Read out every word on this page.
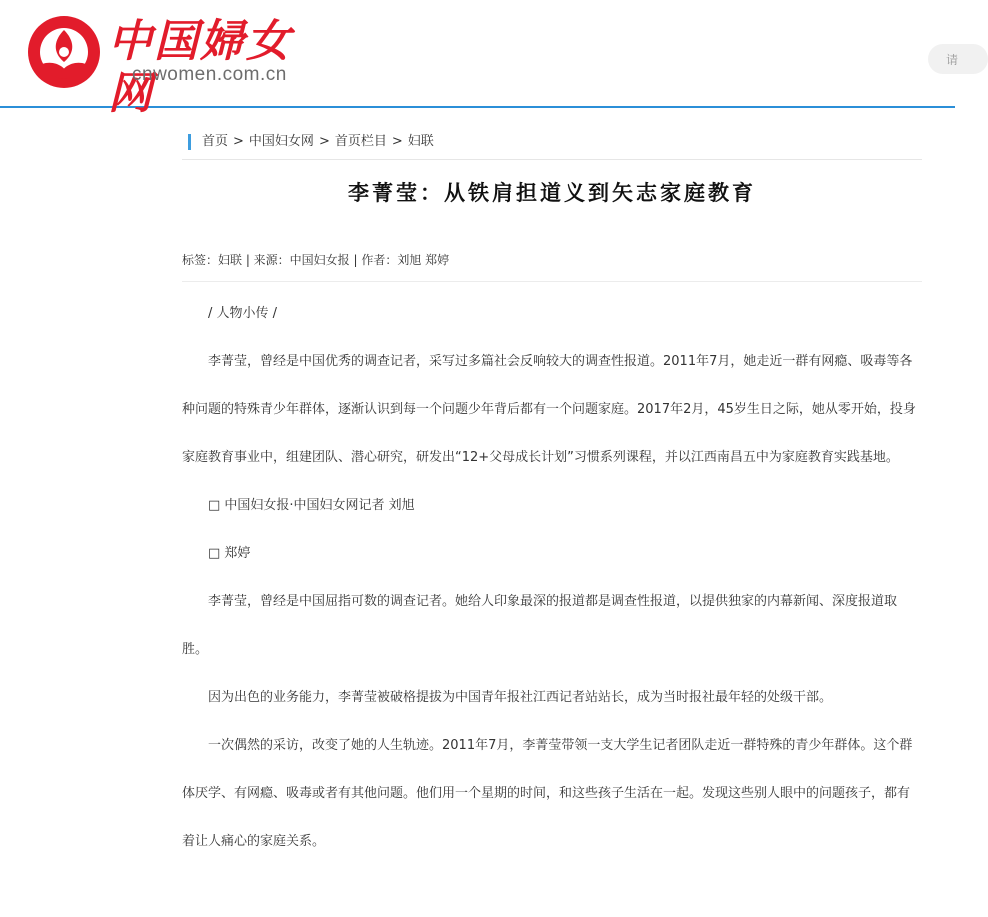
中国婦女网
cnwomen.com.cn
请
首页 > 中国妇女网 > 首页栏目 > 妇联
李菁莹：从铁肩担道义到矢志家庭教育
标签：妇联 | 来源：中国妇女报 | 作者：刘旭 郑婷

/ 人物小传 /

李菁莹，曾经是中国优秀的调查记者，采写过多篇社会反响较大的调查性报道。2011年7月，她走近一群有网瘾、吸毒等各种问题的特殊青少年群体，逐渐认识到每一个问题少年背后都有一个问题家庭。2017年2月，45岁生日之际，她从零开始，投身家庭教育事业中，组建团队、潜心研究，研发出“12+父母成长计划”习惯系列课程，并以江西南昌五中为家庭教育实践基地。

□ 中国妇女报·中国妇女网记者 刘旭

□ 郑婷

李菁莹，曾经是中国屈指可数的调查记者。她给人印象最深的报道都是调查性报道，以提供独家的内幕新闻、深度报道取胜。

因为出色的业务能力，李菁莹被破格提拔为中国青年报社江西记者站站长，成为当时报社最年轻的处级干部。

一次偶然的采访，改变了她的人生轨迹。2011年7月，李菁莹带领一支大学生记者团队走近一群特殊的青少年群体。这个群体厌学、有网瘾、吸毒或者有其他问题。他们用一个星期的时间，和这些孩子生活在一起。发现这些别人眼中的问题孩子，都有着让人痛心的家庭关系。
